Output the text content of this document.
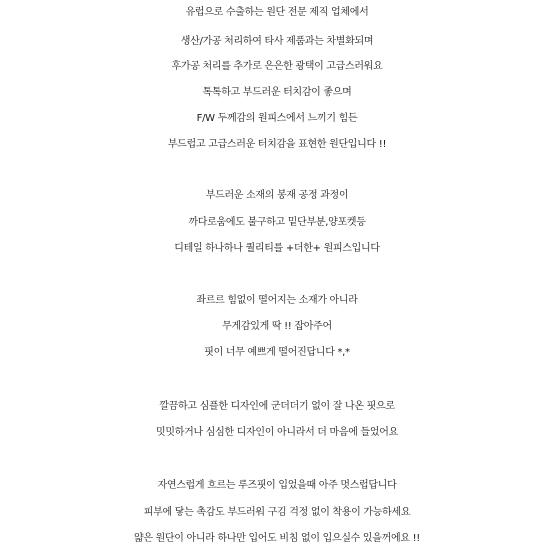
유럽으로 수출하는 원단 전문 제직 업체에서
생산/가공 처리하여 타사 제품과는 차별화되며
후가공 처리를 추가로 은은한 광택이 고급스러워요
톡톡하고 부드러운 터치감이 좋으며
F/W 두께감의 원피스에서 느끼기 힘든
부드럽고 고급스러운 터치감을 표현한 원단입니다 !!
부드러운 소재의 봉재 공정 과정이
까다로움에도 불구하고 밑단부분,양포켓등
디테일 하나하나 퀄리티를 +더한+ 원피스입니다
좌르르 힘없이 떨어지는 소재가 아니라
무게감있게 딱 !! 잡아주어
핏이 너무 예쁘게 떨어진답니다 *,*
깔끔하고 심플한 디자인에 군더더기 없이 잘 나온 핏으로
밋밋하거나 심심한 디자인이 아니라서 더 마음에 들었어요
자연스럽게 흐르는 루즈핏이 입었을때 아주 멋스럽답니다
피부에 닿는 촉감도 부드러워 구김 걱정 없이 착용이 가능하세요
얇은 원단이 아니라 하나만 입어도 비침 없이 입으실수 있을꺼에요 !!
